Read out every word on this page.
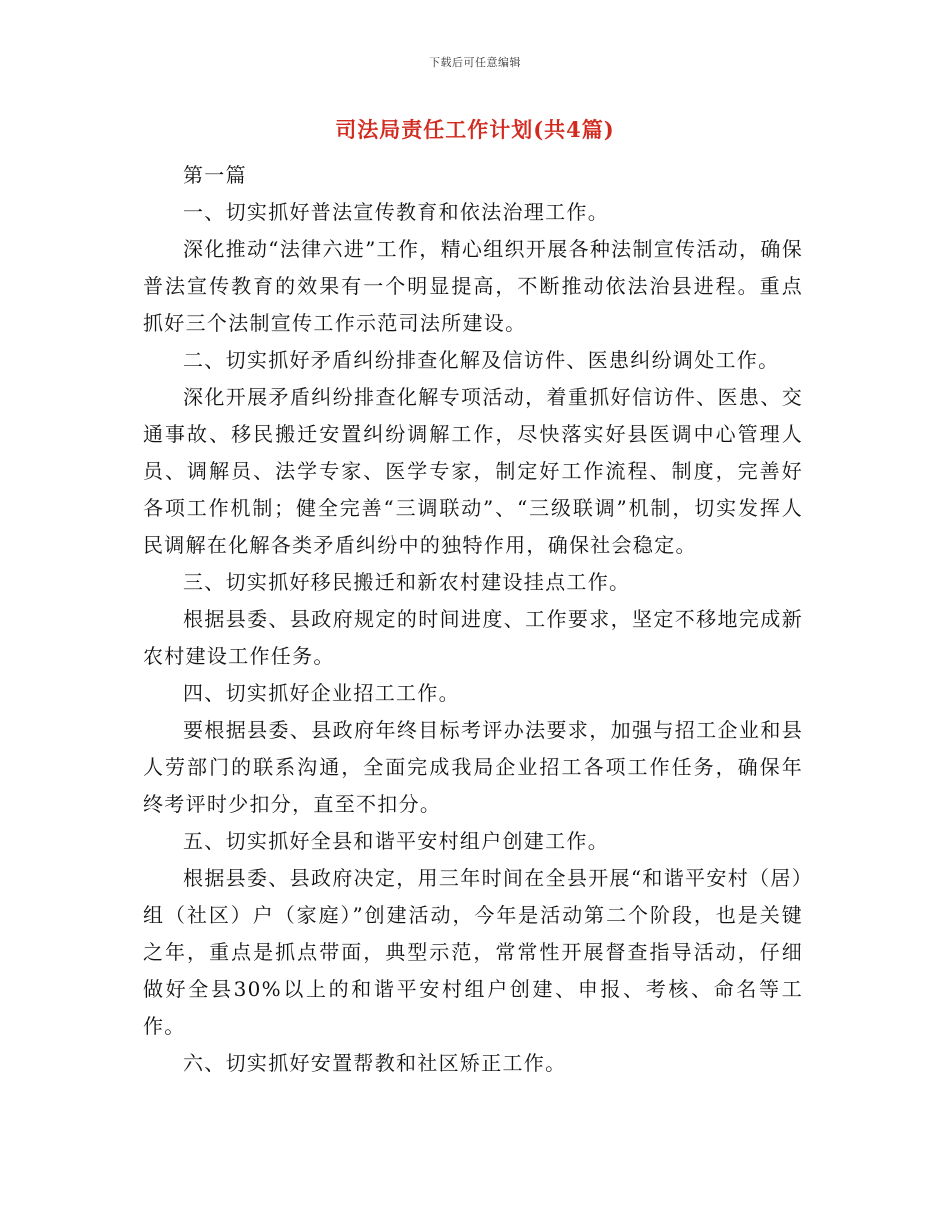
下载后可任意编辑
司法局责任工作计划(共4篇)

第一篇

一、切实抓好普法宣传教育和依法治理工作。

深化推动“法律六进”工作，精心组织开展各种法制宣传活动，确保普法宣传教育的效果有一个明显提高，不断推动依法治县进程。重点抓好三个法制宣传工作示范司法所建设。

二、切实抓好矛盾纠纷排查化解及信访件、医患纠纷调处工作。

深化开展矛盾纠纷排查化解专项活动，着重抓好信访件、医患、交通事故、移民搬迁安置纠纷调解工作，尽快落实好县医调中心管理人员、调解员、法学专家、医学专家，制定好工作流程、制度，完善好各项工作机制；健全完善“三调联动”、“三级联调”机制，切实发挥人民调解在化解各类矛盾纠纷中的独特作用，确保社会稳定。

三、切实抓好移民搬迁和新农村建设挂点工作。

根据县委、县政府规定的时间进度、工作要求，坚定不移地完成新农村建设工作任务。

四、切实抓好企业招工工作。

要根据县委、县政府年终目标考评办法要求，加强与招工企业和县人劳部门的联系沟通，全面完成我局企业招工各项工作任务，确保年终考评时少扣分，直至不扣分。

五、切实抓好全县和谐平安村组户创建工作。

根据县委、县政府决定，用三年时间在全县开展“和谐平安村（居）组（社区）户（家庭）”创建活动，今年是活动第二个阶段，也是关键之年，重点是抓点带面，典型示范，常常性开展督查指导活动，仔细做好全县30%以上的和谐平安村组户创建、申报、考核、命名等工作。

六、切实抓好安置帮教和社区矫正工作。
